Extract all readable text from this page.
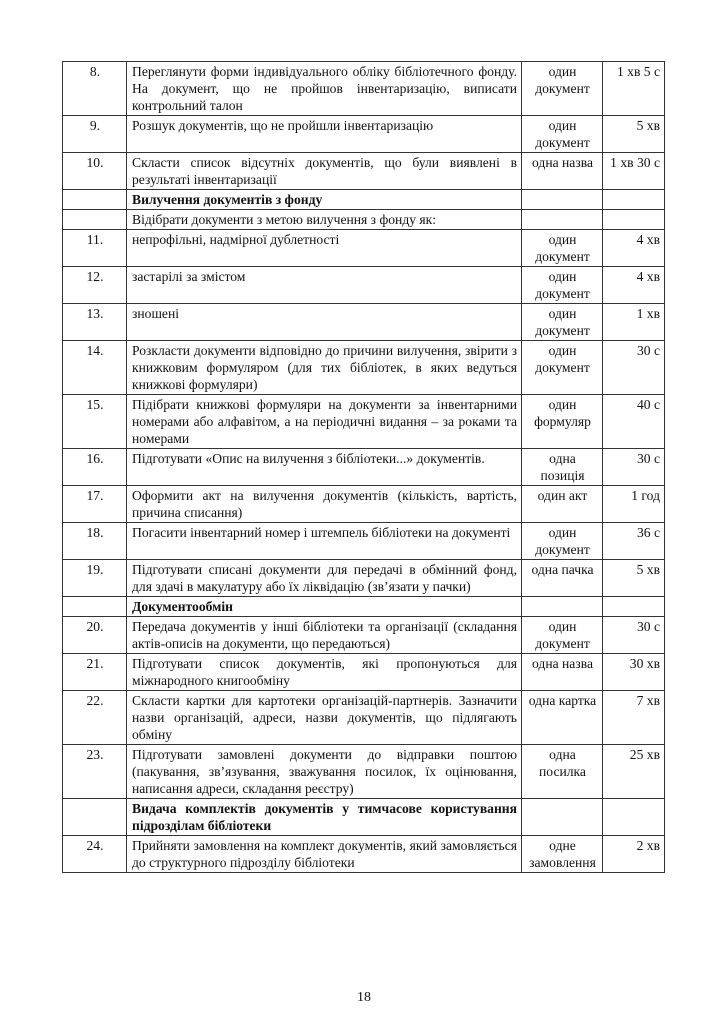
8.	Переглянути форми індивідуального обліку бібліотечного фонду. На документ, що не пройшов інвентаризацію, виписати контрольний талон	один документ	1 хв 5 с
9.	Розшук документів, що не пройшли інвентаризацію	один документ	5 хв
10.	Скласти список відсутніх документів, що були виявлені в результаті інвентаризації	одна назва	1 хв 30 с
	Вилучення документів з фонду		
	Відібрати документи з метою вилучення з фонду як:		
11.	непрофільні, надмірної дублетності	один документ	4 хв
12.	застарілі за змістом	один документ	4 хв
13.	зношені	один документ	1 хв
14.	Розкласти документи відповідно до причини вилучення, звірити з книжковим формуляром (для тих бібліотек, в яких ведуться книжкові формуляри)	один документ	30 с
15.	Підібрати книжкові формуляри на документи за інвентарними номерами або алфавітом, а на періодичні видання – за роками та номерами	один формуляр	40 с
16.	Підготувати «Опис на вилучення з бібліотеки...» документів.	одна позиція	30 с
17.	Оформити акт на вилучення документів (кількість, вартість, причина списання)	один акт	1 год
18.	Погасити інвентарний номер і штемпель бібліотеки на документі	один документ	36 с
19.	Підготувати списані документи для передачі в обмінний фонд, для здачі в макулатуру або їх ліквідацію (зв’язати у пачки)	одна пачка	5 хв
	Документообмін		
20.	Передача документів у інші бібліотеки та організації (складання актів-описів на документи, що передаються)	один документ	30 с
21.	Підготувати список документів, які пропонуються для міжнародного книгообміну	одна назва	30 хв
22.	Скласти картки для картотеки організацій-партнерів. Зазначити назви організацій, адреси, назви документів, що підлягають обміну	одна картка	7 хв
23.	Підготувати замовлені документи до відправки поштою (пакування, зв’язування, зважування посилок, їх оцінювання, написання адреси, складання реєстру)	одна посилка	25 хв
	Видача комплектів документів у тимчасове користування підрозділам бібліотеки		
24.	Прийняти замовлення на комплект документів, який замовляється до структурного підрозділу бібліотеки	одне замовлення	2 хв
18
